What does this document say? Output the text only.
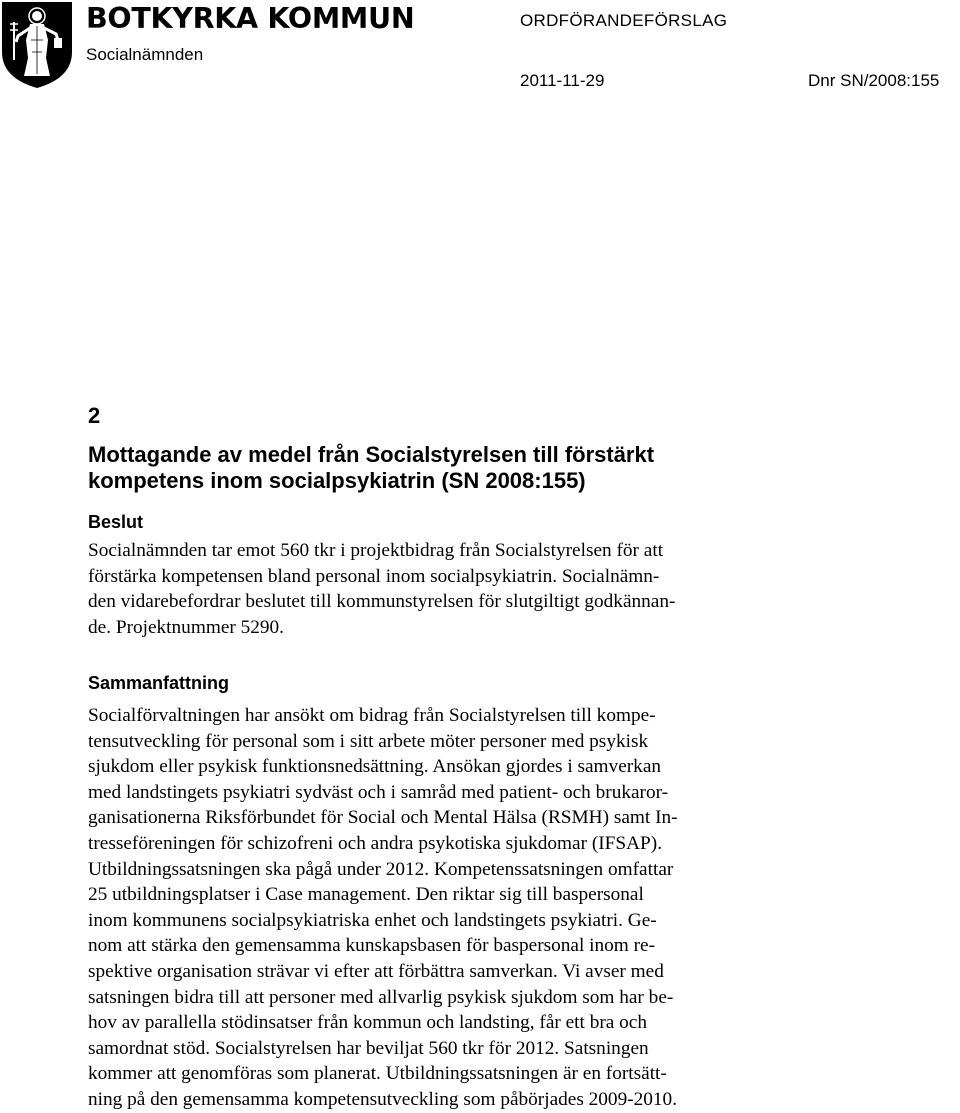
BOTKYRKA KOMMUN
Socialnämnden
ORDFÖRANDEFÖRSLAG
2011-11-29	Dnr SN/2008:155
2
Mottagande av medel från Socialstyrelsen till förstärkt
kompetens inom socialpsykiatrin (SN 2008:155)
Beslut

Socialnämnden tar emot 560 tkr i projektbidrag från Socialstyrelsen för att
förstärka kompetensen bland personal inom socialpsykiatrin. Socialnämn-
den vidarebefordrar beslutet till kommunstyrelsen för slutgiltigt godkännan-
de. Projektnummer 5290.

Sammanfattning

Socialförvaltningen har ansökt om bidrag från Socialstyrelsen till kompe-
tensutveckling för personal som i sitt arbete möter personer med psykisk
sjukdom eller psykisk funktionsnedsättning. Ansökan gjordes i samverkan
med landstingets psykiatri sydväst och i samråd med patient- och brukaror-
ganisationerna Riksförbundet för Social och Mental Hälsa (RSMH) samt In-
tresseföreningen för schizofreni och andra psykotiska sjukdomar (IFSAP).
Utbildningssatsningen ska pågå under 2012. Kompetenssatsningen omfattar
25 utbildningsplatser i Case management. Den riktar sig till baspersonal
inom kommunens socialpsykiatriska enhet och landstingets psykiatri. Ge-
nom att stärka den gemensamma kunskapsbasen för baspersonal inom re-
spektive organisation strävar vi efter att förbättra samverkan. Vi avser med
satsningen bidra till att personer med allvarlig psykisk sjukdom som har be-
hov av parallella stödinsatser från kommun och landsting, får ett bra och
samordnat stöd. Socialstyrelsen har beviljat 560 tkr för 2012. Satsningen
kommer att genomföras som planerat. Utbildningssatsningen är en fortsätt-
ning på den gemensamma kompetensutveckling som påbörjades 2009-2010.
